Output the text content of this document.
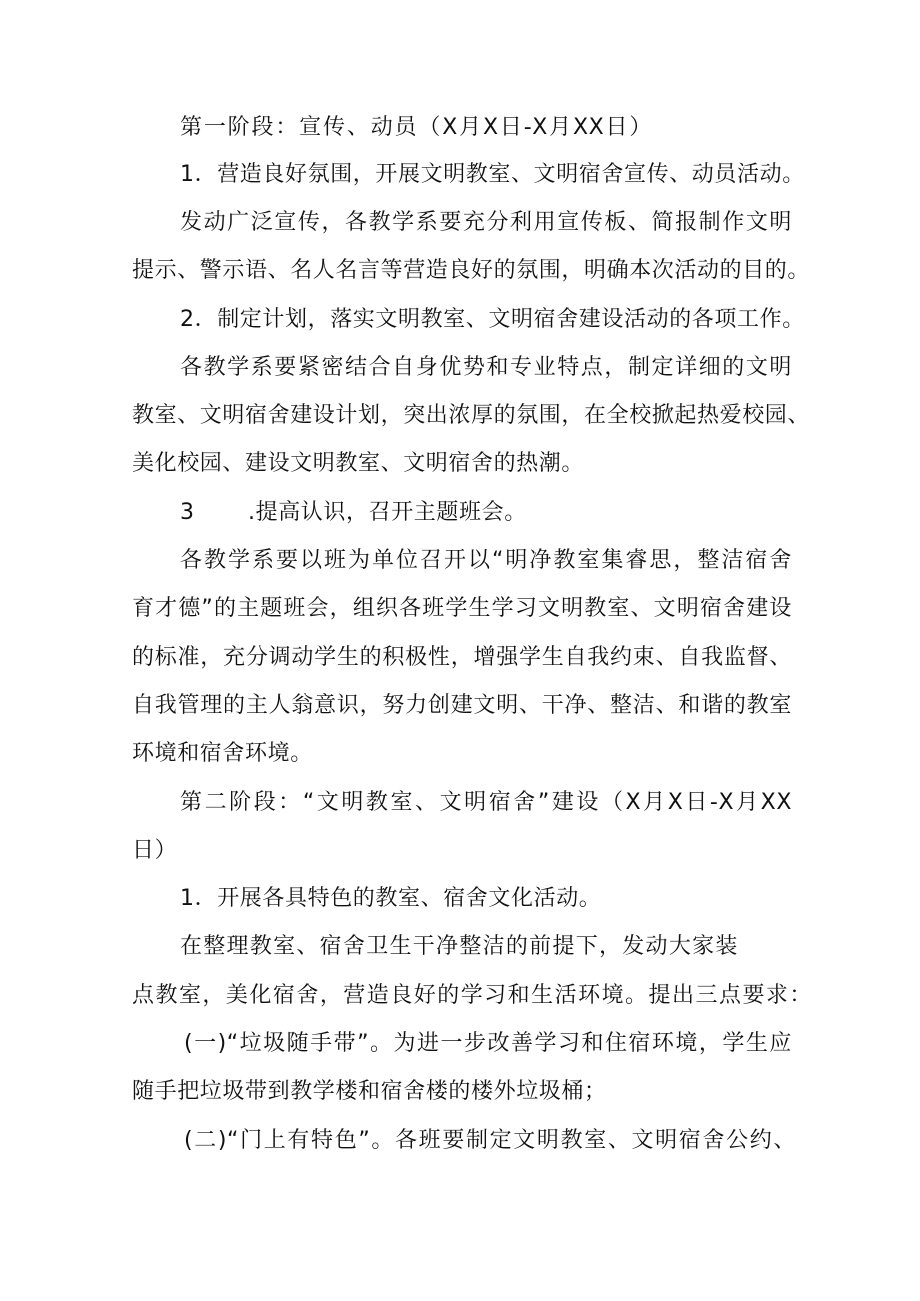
第一阶段：宣传、动员（X月X日-X月XX日）
1．营造良好氛围，开展文明教室、文明宿舍宣传、动员活动。
发动广泛宣传，各教学系要充分利用宣传板、简报制作文明
提示、警示语、名人名言等营造良好的氛围，明确本次活动的目的。
2．制定计划，落实文明教室、文明宿舍建设活动的各项工作。
各教学系要紧密结合自身优势和专业特点，制定详细的文明
教室、文明宿舍建设计划，突出浓厚的氛围，在全校掀起热爱校园、
美化校园、建设文明教室、文明宿舍的热潮。
3 .提高认识，召开主题班会。
各教学系要以班为单位召开以“明净教室集睿思，整洁宿舍
育才德”的主题班会，组织各班学生学习文明教室、文明宿舍建设
的标准，充分调动学生的积极性，增强学生自我约束、自我监督、
自我管理的主人翁意识，努力创建文明、干净、整洁、和谐的教室
环境和宿舍环境。
第二阶段：“文明教室、文明宿舍”建设（X月X日-X月XX
日）
1．开展各具特色的教室、宿舍文化活动。
在整理教室、宿舍卫生干净整洁的前提下，发动大家装
点教室，美化宿舍，营造良好的学习和生活环境。提出三点要求：
(一)“垃圾随手带”。为进一步改善学习和住宿环境，学生应
随手把垃圾带到教学楼和宿舍楼的楼外垃圾桶；
(二)“门上有特色”。各班要制定文明教室、文明宿舍公约、
